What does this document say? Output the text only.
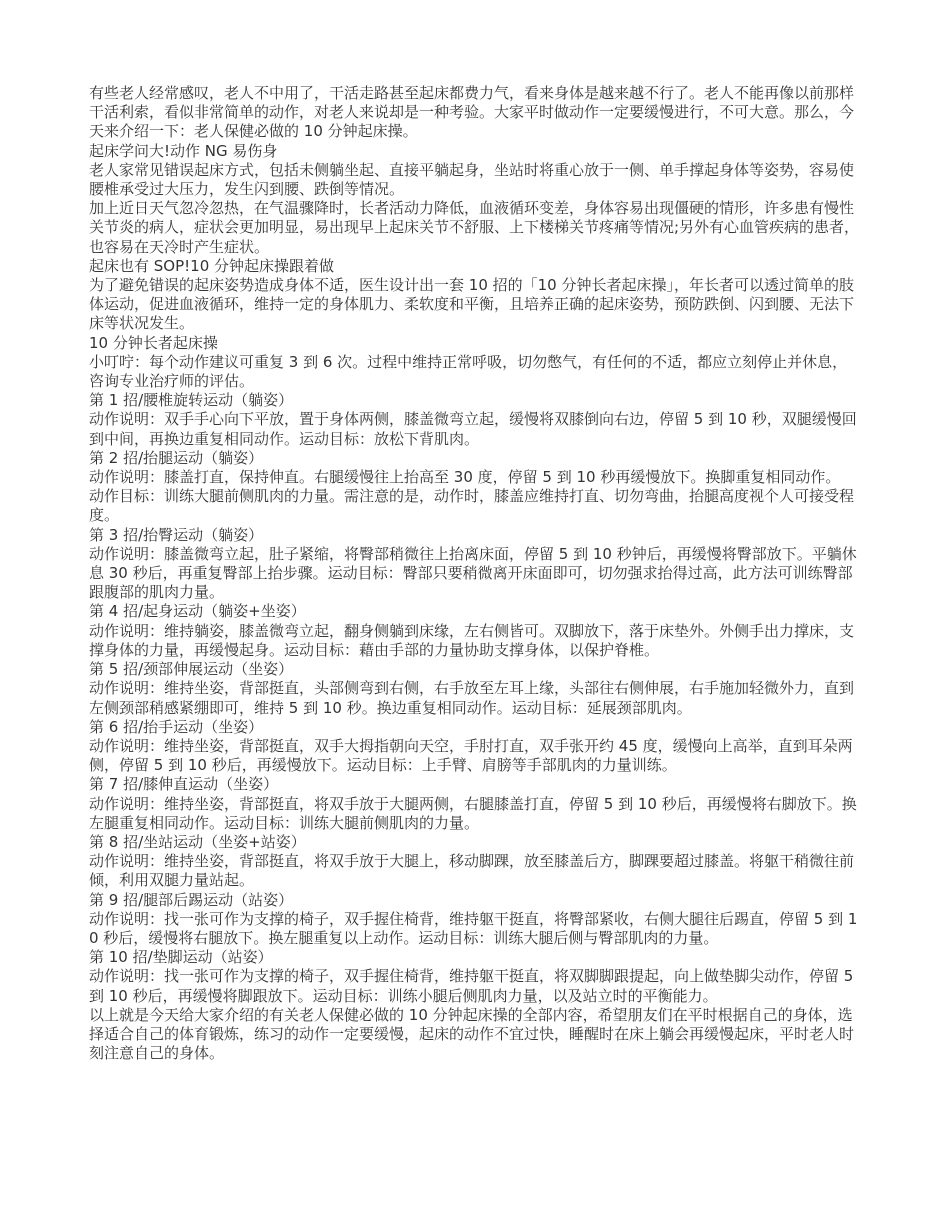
有些老人经常感叹，老人不中用了，干活走路甚至起床都费力气，看来身体是越来越不行了。老人不能再像以前那样干活利索，看似非常简单的动作，对老人来说却是一种考验。大家平时做动作一定要缓慢进行，不可大意。那么，今天来介绍一下：老人保健必做的 10 分钟起床操。

起床学问大!动作 NG 易伤身

老人家常见错误起床方式，包括未侧躺坐起、直接平躺起身，坐站时将重心放于一侧、单手撑起身体等姿势，容易使腰椎承受过大压力，发生闪到腰、跌倒等情况。

加上近日天气忽冷忽热，在气温骤降时，长者活动力降低，血液循环变差，身体容易出现僵硬的情形，许多患有慢性关节炎的病人，症状会更加明显，易出现早上起床关节不舒服、上下楼梯关节疼痛等情况;另外有心血管疾病的患者，也容易在天冷时产生症状。

起床也有 SOP!10 分钟起床操跟着做

为了避免错误的起床姿势造成身体不适，医生设计出一套 10 招的「10 分钟长者起床操」，年长者可以透过简单的肢体运动，促进血液循环，维持一定的身体肌力、柔软度和平衡，且培养正确的起床姿势，预防跌倒、闪到腰、无法下床等状况发生。

10 分钟长者起床操

小叮咛：每个动作建议可重复 3 到 6 次。过程中维持正常呼吸，切勿憋气，有任何的不适，都应立刻停止并休息，咨询专业治疗师的评估。

第 1 招/腰椎旋转运动（躺姿）

动作说明：双手手心向下平放，置于身体两侧，膝盖微弯立起，缓慢将双膝倒向右边，停留 5 到 10 秒，双腿缓慢回到中间，再换边重复相同动作。运动目标：放松下背肌肉。

第 2 招/抬腿运动（躺姿）

动作说明：膝盖打直，保持伸直。右腿缓慢往上抬高至 30 度，停留 5 到 10 秒再缓慢放下。换脚重复相同动作。

动作目标：训练大腿前侧肌肉的力量。需注意的是，动作时，膝盖应维持打直、切勿弯曲，抬腿高度视个人可接受程度。

第 3 招/抬臀运动（躺姿）

动作说明：膝盖微弯立起，肚子紧缩，将臀部稍微往上抬离床面，停留 5 到 10 秒钟后，再缓慢将臀部放下。平躺休息 30 秒后，再重复臀部上抬步骤。运动目标：臀部只要稍微离开床面即可，切勿强求抬得过高，此方法可训练臀部跟腹部的肌肉力量。

第 4 招/起身运动（躺姿+坐姿）

动作说明：维持躺姿，膝盖微弯立起，翻身侧躺到床缘，左右侧皆可。双脚放下，落于床垫外。外侧手出力撑床，支撑身体的力量，再缓慢起身。运动目标：藉由手部的力量协助支撑身体，以保护脊椎。

第 5 招/颈部伸展运动（坐姿）

动作说明：维持坐姿，背部挺直，头部侧弯到右侧，右手放至左耳上缘，头部往右侧伸展，右手施加轻微外力，直到左侧颈部稍感紧绷即可，维持 5 到 10 秒。换边重复相同动作。运动目标：延展颈部肌肉。

第 6 招/抬手运动（坐姿）

动作说明：维持坐姿，背部挺直，双手大拇指朝向天空，手肘打直，双手张开约 45 度，缓慢向上高举，直到耳朵两侧，停留 5 到 10 秒后，再缓慢放下。运动目标：上手臂、肩膀等手部肌肉的力量训练。

第 7 招/膝伸直运动（坐姿）

动作说明：维持坐姿，背部挺直，将双手放于大腿两侧，右腿膝盖打直，停留 5 到 10 秒后，再缓慢将右脚放下。换左腿重复相同动作。运动目标：训练大腿前侧肌肉的力量。

第 8 招/坐站运动（坐姿+站姿）

动作说明：维持坐姿，背部挺直，将双手放于大腿上，移动脚踝，放至膝盖后方，脚踝要超过膝盖。将躯干稍微往前倾，利用双腿力量站起。

第 9 招/腿部后踢运动（站姿）

动作说明：找一张可作为支撑的椅子，双手握住椅背，维持躯干挺直，将臀部紧收，右侧大腿往后踢直，停留 5 到 10 秒后，缓慢将右腿放下。换左腿重复以上动作。运动目标：训练大腿后侧与臀部肌肉的力量。

第 10 招/垫脚运动（站姿）

动作说明：找一张可作为支撑的椅子，双手握住椅背，维持躯干挺直，将双脚脚跟提起，向上做垫脚尖动作，停留 5 到 10 秒后，再缓慢将脚跟放下。运动目标：训练小腿后侧肌肉力量，以及站立时的平衡能力。

以上就是今天给大家介绍的有关老人保健必做的 10 分钟起床操的全部内容，希望朋友们在平时根据自己的身体，选择适合自己的体育锻炼，练习的动作一定要缓慢，起床的动作不宜过快，睡醒时在床上躺会再缓慢起床，平时老人时刻注意自己的身体。
